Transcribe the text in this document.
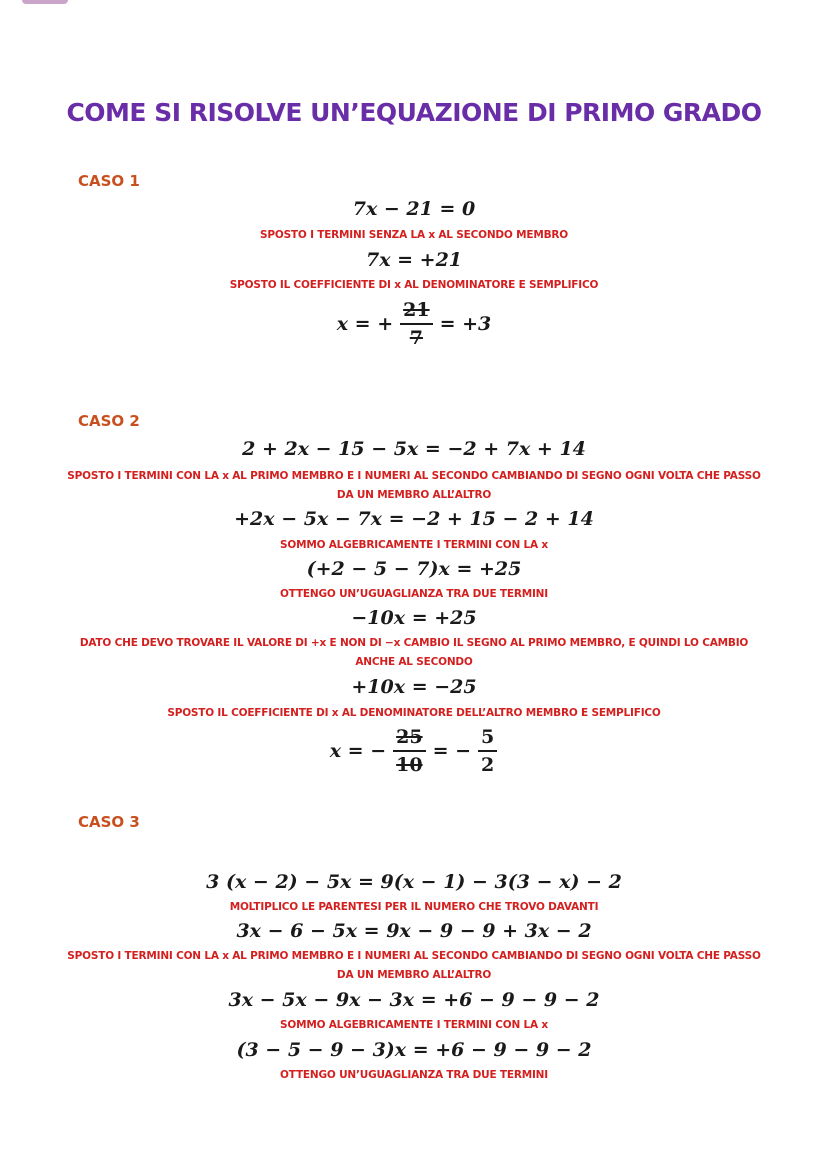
COME SI RISOLVE UN’EQUAZIONE DI PRIMO GRADO
CASO 1
7x − 21 = 0
SPOSTO I TERMINI SENZA LA x AL SECONDO MEMBRO
7x = +21
SPOSTO IL COEFFICIENTE DI x AL DENOMINATORE E SEMPLIFICO
x = + $\frac{21}{7} = +3$
CASO 2
2 + 2x − 15 − 5x = −2 + 7x + 14
SPOSTO I TERMINI CON LA x AL PRIMO MEMBRO E I NUMERI AL SECONDO CAMBIANDO DI SEGNO OGNI VOLTA CHE PASSO DA UN MEMBRO ALL’ALTRO
+2x − 5x − 7x = −2 + 15 − 2 + 14
SOMMO ALGEBRICAMENTE I TERMINI CON LA x
(+2 − 5 − 7)x = +25
OTTENGO UN’UGUAGLIANZA TRA DUE TERMINI
−10x = +25
DATO CHE DEVO TROVARE IL VALORE DI +x E NON DI −x CAMBIO IL SEGNO AL PRIMO MEMBRO, E QUINDI LO CAMBIO ANCHE AL SECONDO
+10x = −25
SPOSTO IL COEFFICIENTE DI x AL DENOMINATORE DELL’ALTRO MEMBRO E SEMPLIFICO
x = − $\frac{25}{10}$ = − $\frac{5}{2}$
CASO 3
3 (x − 2) − 5x = 9(x − 1) − 3(3 − x) − 2
MOLTIPLICO LE PARENTESI PER IL NUMERO CHE TROVO DAVANTI
3x − 6 − 5x = 9x − 9 − 9 + 3x − 2
SPOSTO I TERMINI CON LA x AL PRIMO MEMBRO E I NUMERI AL SECONDO CAMBIANDO DI SEGNO OGNI VOLTA CHE PASSO DA UN MEMBRO ALL’ALTRO
3x − 5x − 9x − 3x = +6 − 9 − 9 − 2
SOMMO ALGEBRICAMENTE I TERMINI CON LA x
(3 − 5 − 9 − 3)x = +6 − 9 − 9 − 2
OTTENGO UN’UGUAGLIANZA TRA DUE TERMINI
